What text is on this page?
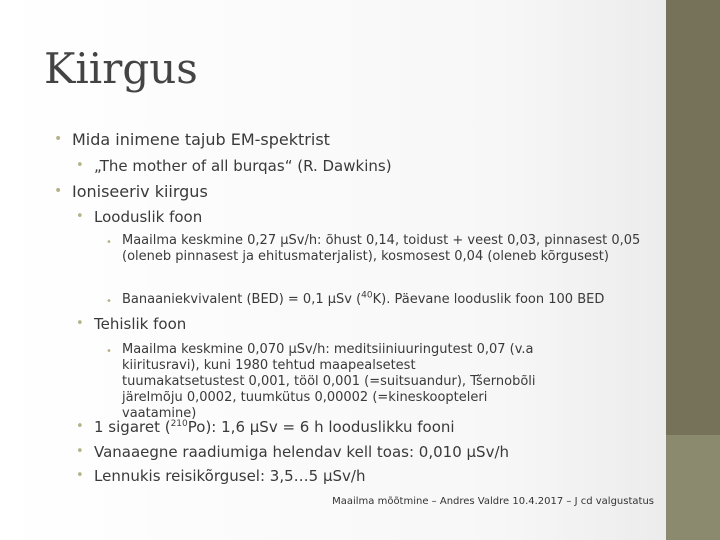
Kiirgus
• Mida inimene tajub EM-spektrist
• „The mother of all burqas“ (R. Dawkins)
• Ioniseeriv kiirgus
• Looduslik foon
• Maailma keskmine 0,27 µSv/h: õhust 0,14, toidust + veest 0,03, pinnasest 0,05 (oleneb pinnasest ja ehitusmaterjalist), kosmosest 0,04 (oleneb kõrgusest)
• Banaaniekvivalent (BED) = 0,1 µSv ($^{40}$K). Päevane looduslik foon 100 BED
• Tehislik foon
• Maailma keskmine 0,070 µSv/h: meditsiiniuuringutest 0,07 (v.a kiiritusravi), kuni 1980 tehtud maapealsetest tuumakatsetustest 0,001, tööl 0,001 (=suitsuandur), Tšernobõli järelmõju 0,0002, tuumkütus 0,00002 (=kineskoopteleri vaatamine)
• 1 sigaret ($^{210}$Po): 1,6 µSv = 6 h looduslikku fooni
• Vanaaegne raadiumiga helendav kell toas: 0,010 µSv/h
• Lennukis reisikõrgusel: 3,5…5 µSv/h
Maailma mõõtmine – Andres Valdre 10.4.2017 – J cd valgustatus
